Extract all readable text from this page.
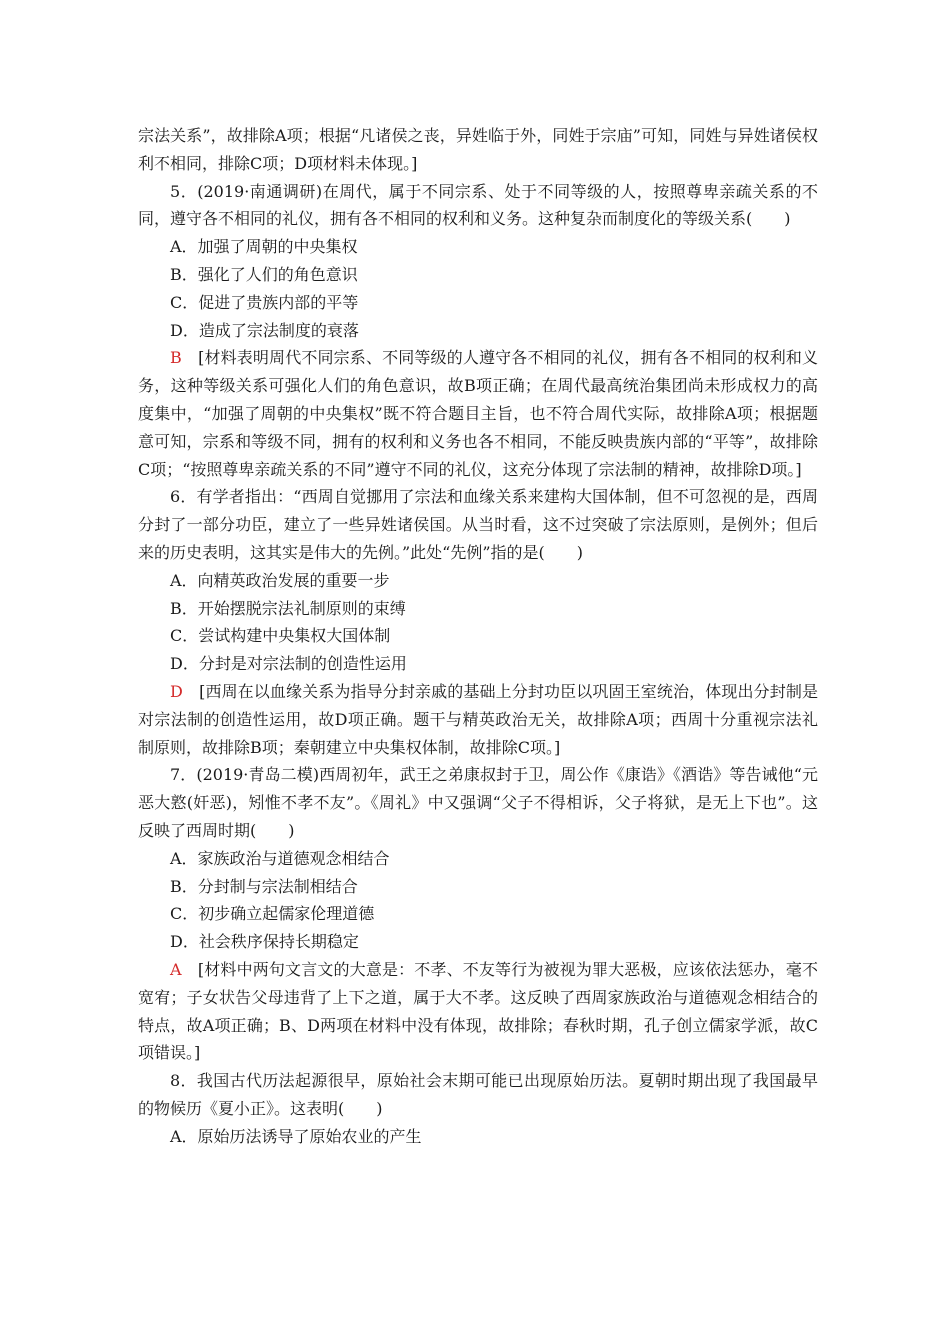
宗法关系”，故排除A项；根据“凡诸侯之丧，异姓临于外，同姓于宗庙”可知，同姓与异姓诸侯权利不相同，排除C项；D项材料未体现。]

5．(2019·南通调研)在周代，属于不同宗系、处于不同等级的人，按照尊卑亲疏关系的不同，遵守各不相同的礼仪，拥有各不相同的权利和义务。这种复杂而制度化的等级关系(　　)

A．加强了周朝的中央集权

B．强化了人们的角色意识

C．促进了贵族内部的平等

D．造成了宗法制度的衰落

B　[材料表明周代不同宗系、不同等级的人遵守各不相同的礼仪，拥有各不相同的权利和义务，这种等级关系可强化人们的角色意识，故B项正确；在周代最高统治集团尚未形成权力的高度集中，“加强了周朝的中央集权”既不符合题目主旨，也不符合周代实际，故排除A项；根据题意可知，宗系和等级不同，拥有的权利和义务也各不相同，不能反映贵族内部的“平等”，故排除C项；“按照尊卑亲疏关系的不同”遵守不同的礼仪，这充分体现了宗法制的精神，故排除D项。]

6．有学者指出：“西周自觉挪用了宗法和血缘关系来建构大国体制，但不可忽视的是，西周分封了一部分功臣，建立了一些异姓诸侯国。从当时看，这不过突破了宗法原则，是例外；但后来的历史表明，这其实是伟大的先例。”此处“先例”指的是(　　)

A．向精英政治发展的重要一步

B．开始摆脱宗法礼制原则的束缚

C．尝试构建中央集权大国体制

D．分封是对宗法制的创造性运用

D　[西周在以血缘关系为指导分封亲戚的基础上分封功臣以巩固王室统治，体现出分封制是对宗法制的创造性运用，故D项正确。题干与精英政治无关，故排除A项；西周十分重视宗法礼制原则，故排除B项；秦朝建立中央集权体制，故排除C项。]

7．(2019·青岛二模)西周初年，武王之弟康叔封于卫，周公作《康诰》《酒诰》等告诫他“元恶大憝(奸恶)，矧惟不孝不友”。《周礼》中又强调“父子不得相诉，父子将狱，是无上下也”。这反映了西周时期(　　)

A．家族政治与道德观念相结合

B．分封制与宗法制相结合

C．初步确立起儒家伦理道德

D．社会秩序保持长期稳定

A　[材料中两句文言文的大意是：不孝、不友等行为被视为罪大恶极，应该依法惩办，毫不宽宥；子女状告父母违背了上下之道，属于大不孝。这反映了西周家族政治与道德观念相结合的特点，故A项正确；B、D两项在材料中没有体现，故排除；春秋时期，孔子创立儒家学派，故C项错误。]

8．我国古代历法起源很早，原始社会末期可能已出现原始历法。夏朝时期出现了我国最早的物候历《夏小正》。这表明(　　)

A．原始历法诱导了原始农业的产生
